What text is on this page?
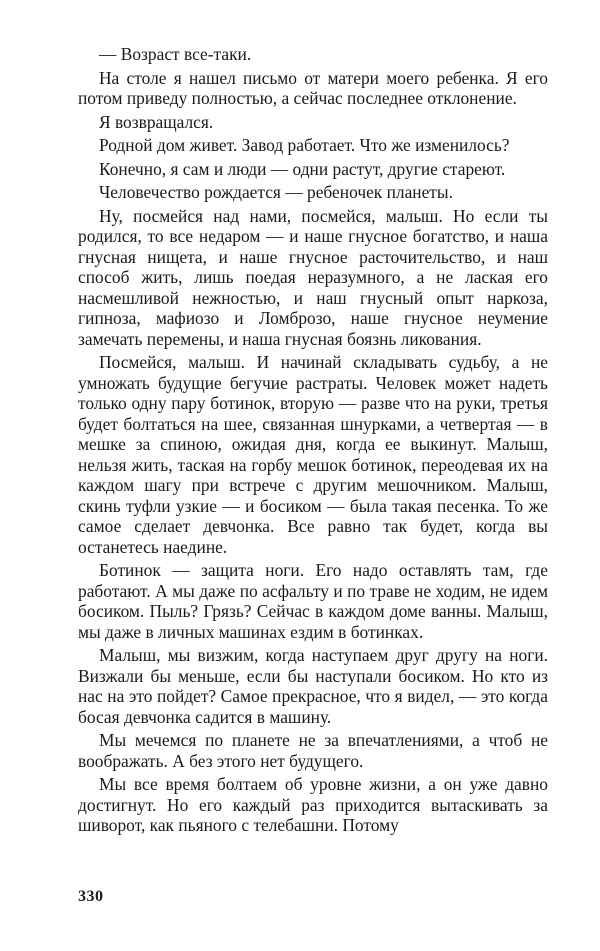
— Возраст все-таки.

На столе я нашел письмо от матери моего ребенка. Я его потом приведу полностью, а сейчас последнее отклонение.

Я возвращался.

Родной дом живет. Завод работает. Что же изменилось?

Конечно, я сам и люди — одни растут, другие стареют.

Человечество рождается — ребеночек планеты.

Ну, посмейся над нами, посмейся, малыш. Но если ты родился, то все недаром — и наше гнусное богатство, и наша гнусная нищета, и наше гнусное расточительство, и наш способ жить, лишь поедая неразумного, а не лаская его насмешливой нежностью, и наш гнусный опыт наркоза, гипноза, мафиозо и Ломброзо, наше гнусное неумение замечать перемены, и наша гнусная боязнь ликования.

Посмейся, малыш. И начинай складывать судьбу, а не умножать будущие бегучие растраты. Человек может надеть только одну пару ботинок, вторую — разве что на руки, третья будет болтаться на шее, связанная шнурками, а четвертая — в мешке за спиною, ожидая дня, когда ее выкинут. Малыш, нельзя жить, таская на горбу мешок ботинок, переодевая их на каждом шагу при встрече с другим мешочником. Малыш, скинь туфли узкие — и босиком — была такая песенка. То же самое сделает девчонка. Все равно так будет, когда вы останетесь наедине.

Ботинок — защита ноги. Его надо оставлять там, где работают. А мы даже по асфальту и по траве не ходим, не идем босиком. Пыль? Грязь? Сейчас в каждом доме ванны. Малыш, мы даже в личных машинах ездим в ботинках.

Малыш, мы визжим, когда наступаем друг другу на ноги. Визжали бы меньше, если бы наступали босиком. Но кто из нас на это пойдет? Самое прекрасное, что я видел, — это когда босая девчонка садится в машину.

Мы мечемся по планете не за впечатлениями, а чтоб не воображать. А без этого нет будущего.

Мы все время болтаем об уровне жизни, а он уже давно достигнут. Но его каждый раз приходится вытаскивать за шиворот, как пьяного с телебашни. Потому

330
